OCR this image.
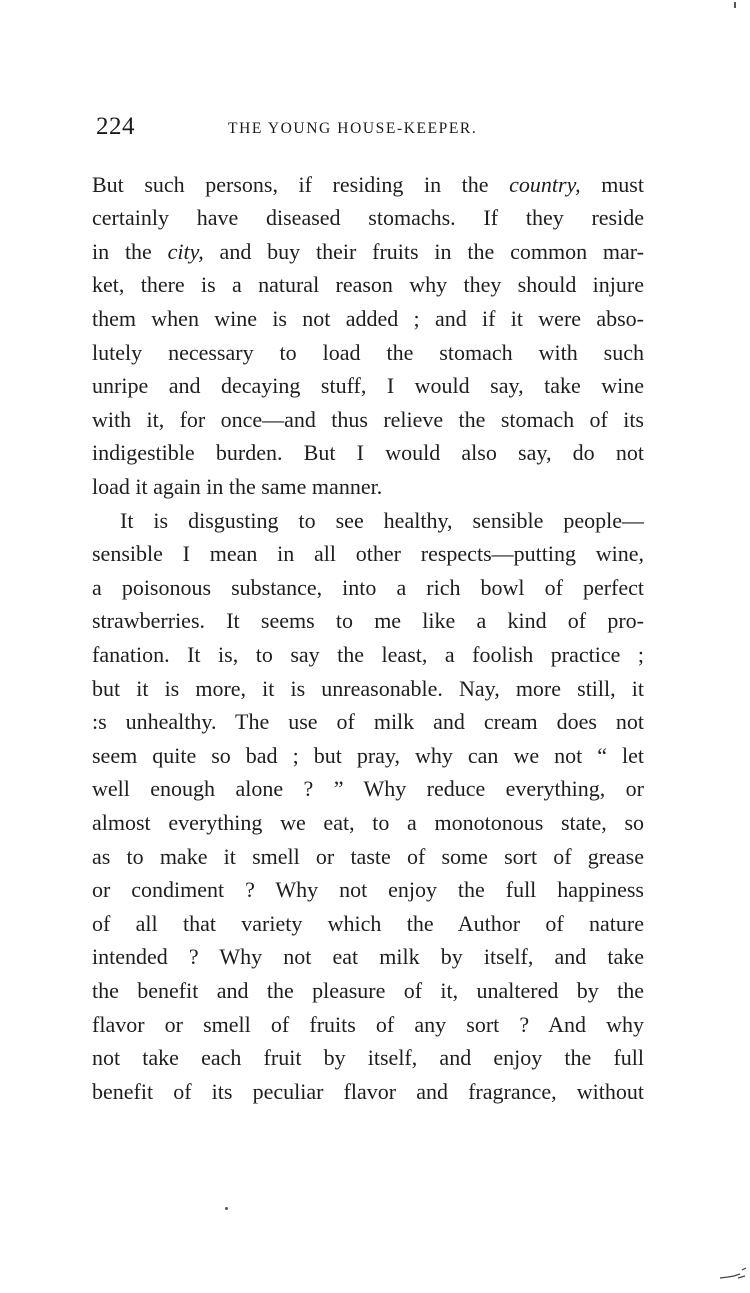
224	THE YOUNG HOUSE-KEEPER.
But such persons, if residing in the country, must
certainly have diseased stomachs. If they reside
in the city, and buy their fruits in the common mar-
ket, there is a natural reason why they should injure
them when wine is not added ; and if it were abso-
lutely necessary to load the stomach with such
unripe and decaying stuff, I would say, take wine
with it, for once—and thus relieve the stomach of its
indigestible burden. But I would also say, do not
load it again in the same manner.
It is disgusting to see healthy, sensible people—
sensible I mean in all other respects—putting wine,
a poisonous substance, into a rich bowl of perfect
strawberries. It seems to me like a kind of pro-
fanation. It is, to say the least, a foolish practice ;
but it is more, it is unreasonable. Nay, more still, it
:s unhealthy. The use of milk and cream does not
seem quite so bad ; but pray, why can we not “ let
well enough alone ? ” Why reduce everything, or
almost everything we eat, to a monotonous state, so
as to make it smell or taste of some sort of grease
or condiment ? Why not enjoy the full happiness
of all that variety which the Author of nature
intended ? Why not eat milk by itself, and take
the benefit and the pleasure of it, unaltered by the
flavor or smell of fruits of any sort ? And why
not take each fruit by itself, and enjoy the full
benefit of its peculiar flavor and fragrance, without
